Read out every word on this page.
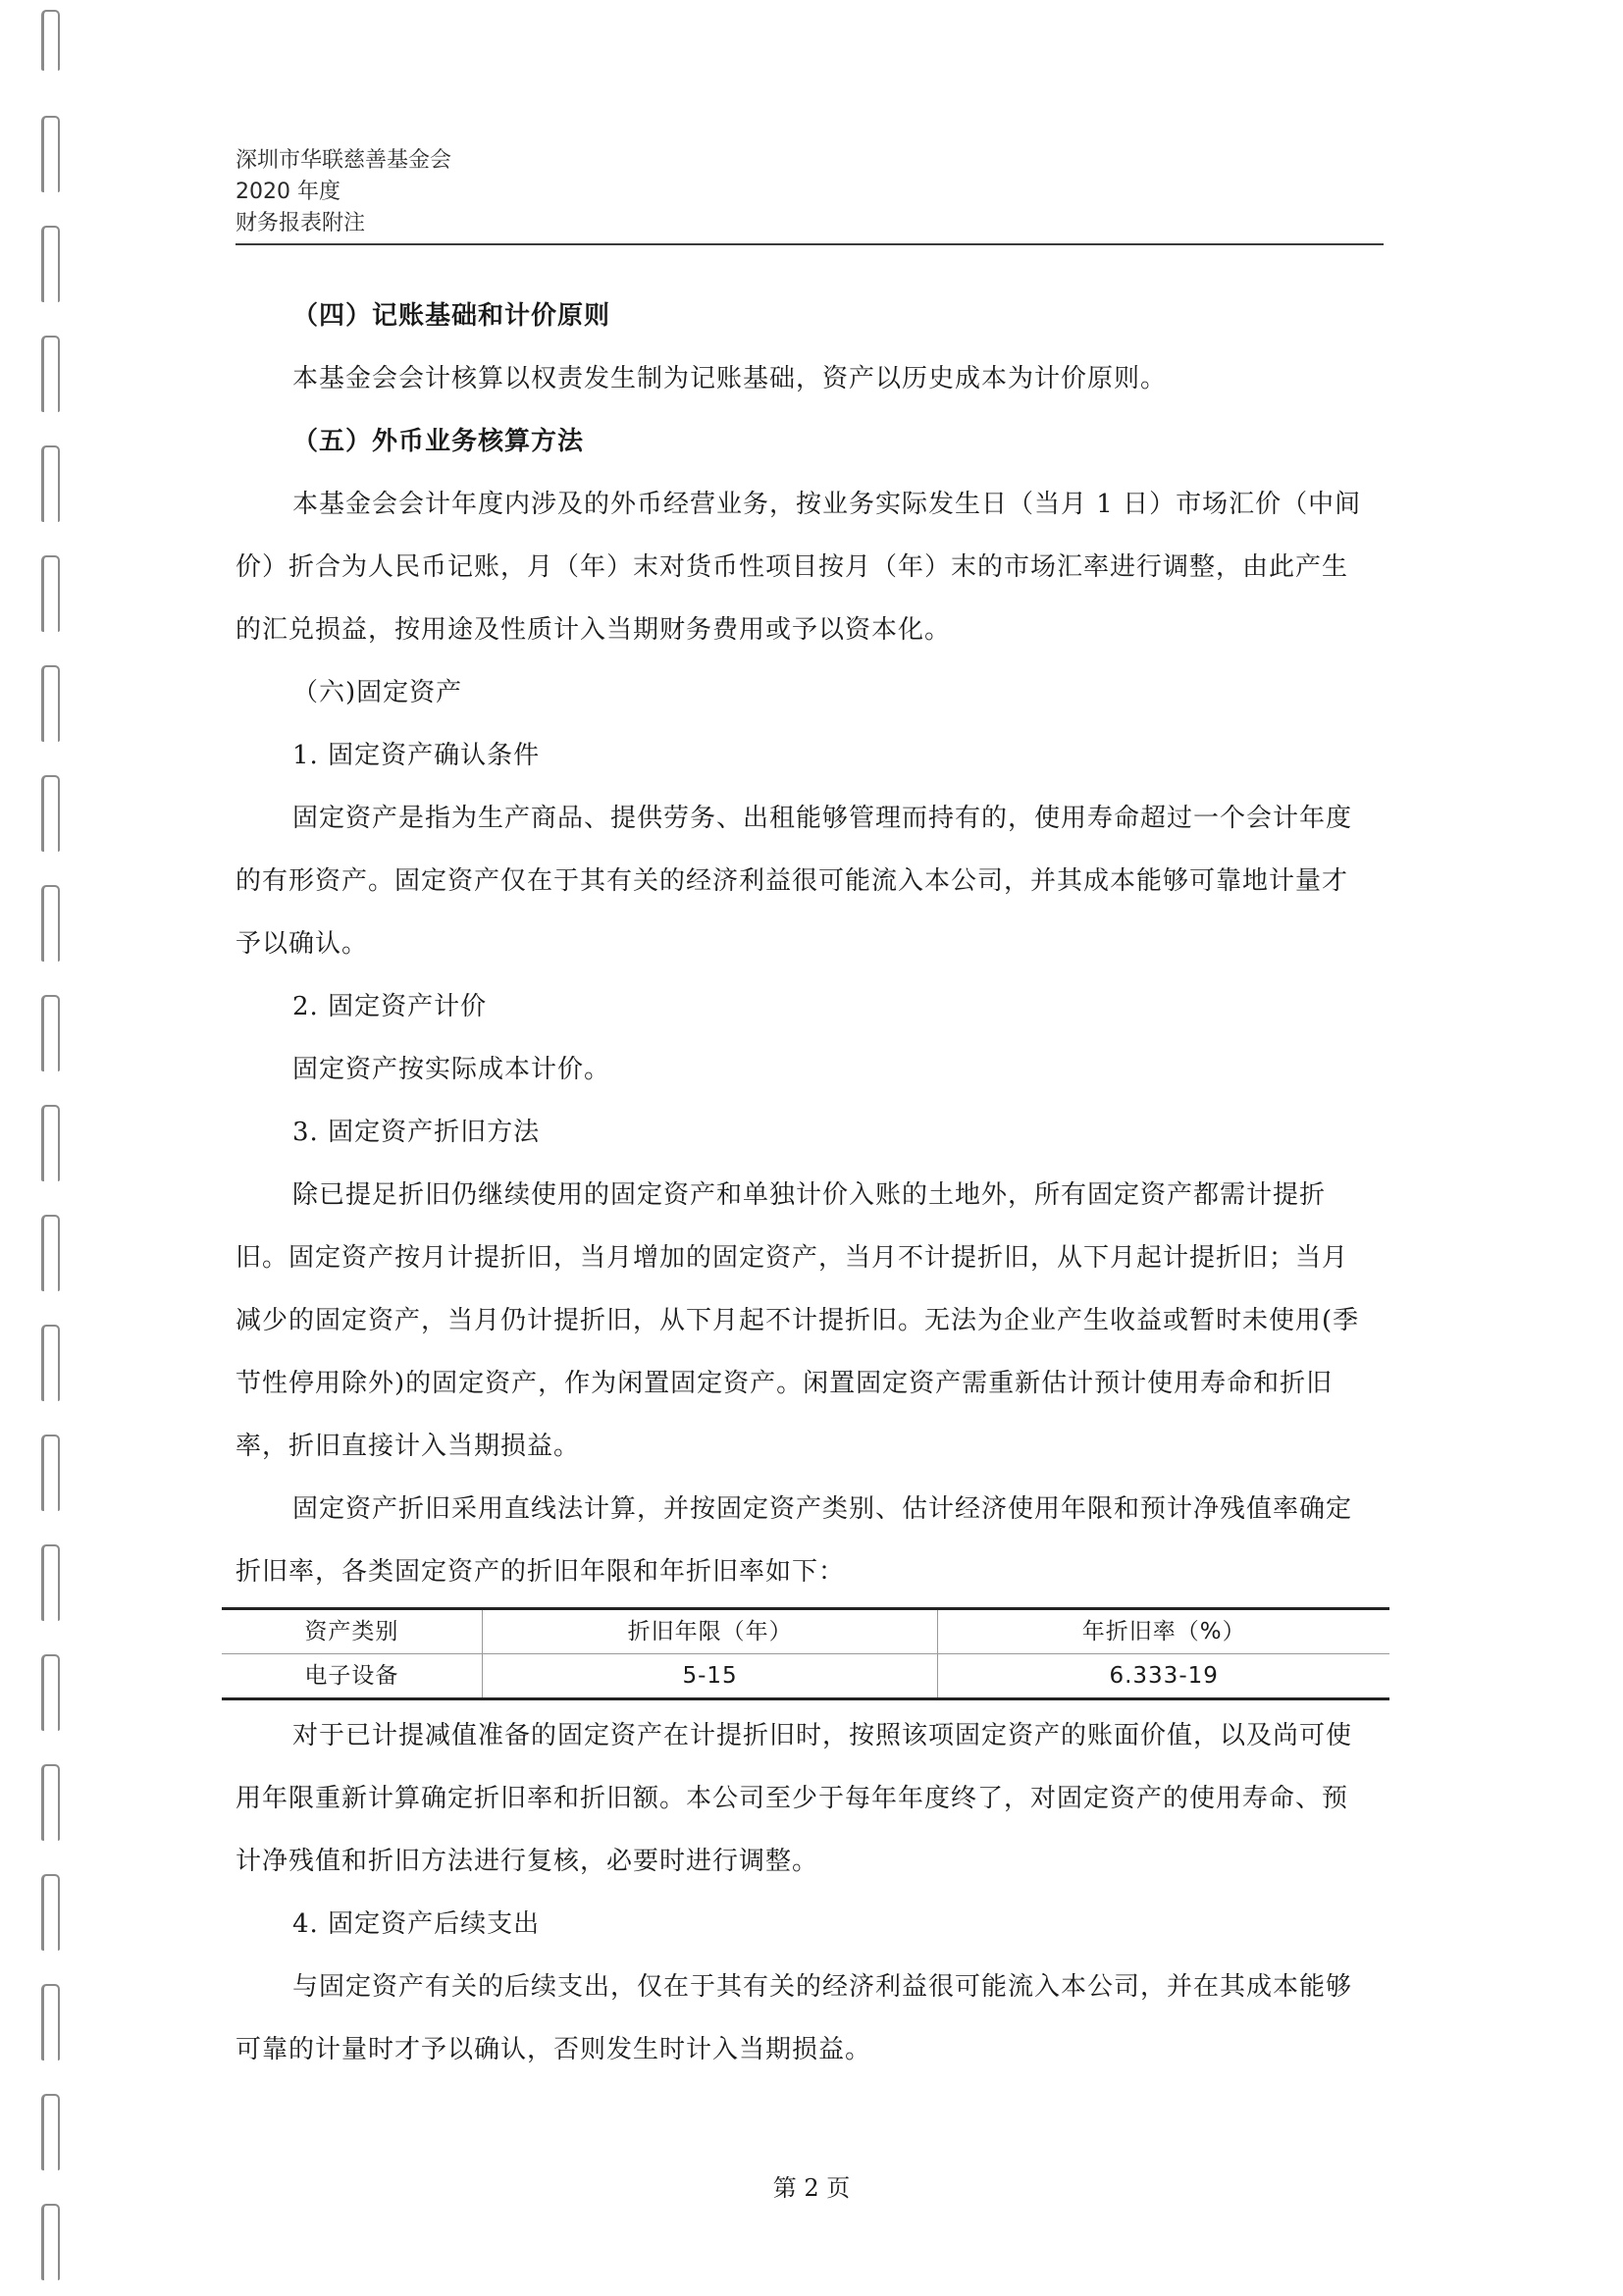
深圳市华联慈善基金会
2020 年度
财务报表附注

（四）记账基础和计价原则

本基金会会计核算以权责发生制为记账基础，资产以历史成本为计价原则。

（五）外币业务核算方法

本基金会会计年度内涉及的外币经营业务，按业务实际发生日（当月 1 日）市场汇价（中间价）折合为人民币记账，月（年）末对货币性项目按月（年）末的市场汇率进行调整，由此产生的汇兑损益，按用途及性质计入当期财务费用或予以资本化。

（六)固定资产

1. 固定资产确认条件

固定资产是指为生产商品、提供劳务、出租能够管理而持有的，使用寿命超过一个会计年度的有形资产。固定资产仅在于其有关的经济利益很可能流入本公司，并其成本能够可靠地计量才予以确认。

2. 固定资产计价

固定资产按实际成本计价。

3. 固定资产折旧方法

除已提足折旧仍继续使用的固定资产和单独计价入账的土地外，所有固定资产都需计提折旧。固定资产按月计提折旧，当月增加的固定资产，当月不计提折旧，从下月起计提折旧；当月减少的固定资产，当月仍计提折旧，从下月起不计提折旧。无法为企业产生收益或暂时未使用(季节性停用除外)的固定资产，作为闲置固定资产。闲置固定资产需重新估计预计使用寿命和折旧率，折旧直接计入当期损益。

固定资产折旧采用直线法计算，并按固定资产类别、估计经济使用年限和预计净残值率确定折旧率，各类固定资产的折旧年限和年折旧率如下：

资产类别	折旧年限（年）	年折旧率（%）
电子设备	5-15	6.333-19

对于已计提减值准备的固定资产在计提折旧时，按照该项固定资产的账面价值，以及尚可使用年限重新计算确定折旧率和折旧额。本公司至少于每年年度终了，对固定资产的使用寿命、预计净残值和折旧方法进行复核，必要时进行调整。

4. 固定资产后续支出

与固定资产有关的后续支出，仅在于其有关的经济利益很可能流入本公司，并在其成本能够可靠的计量时才予以确认，否则发生时计入当期损益。

第 2 页
